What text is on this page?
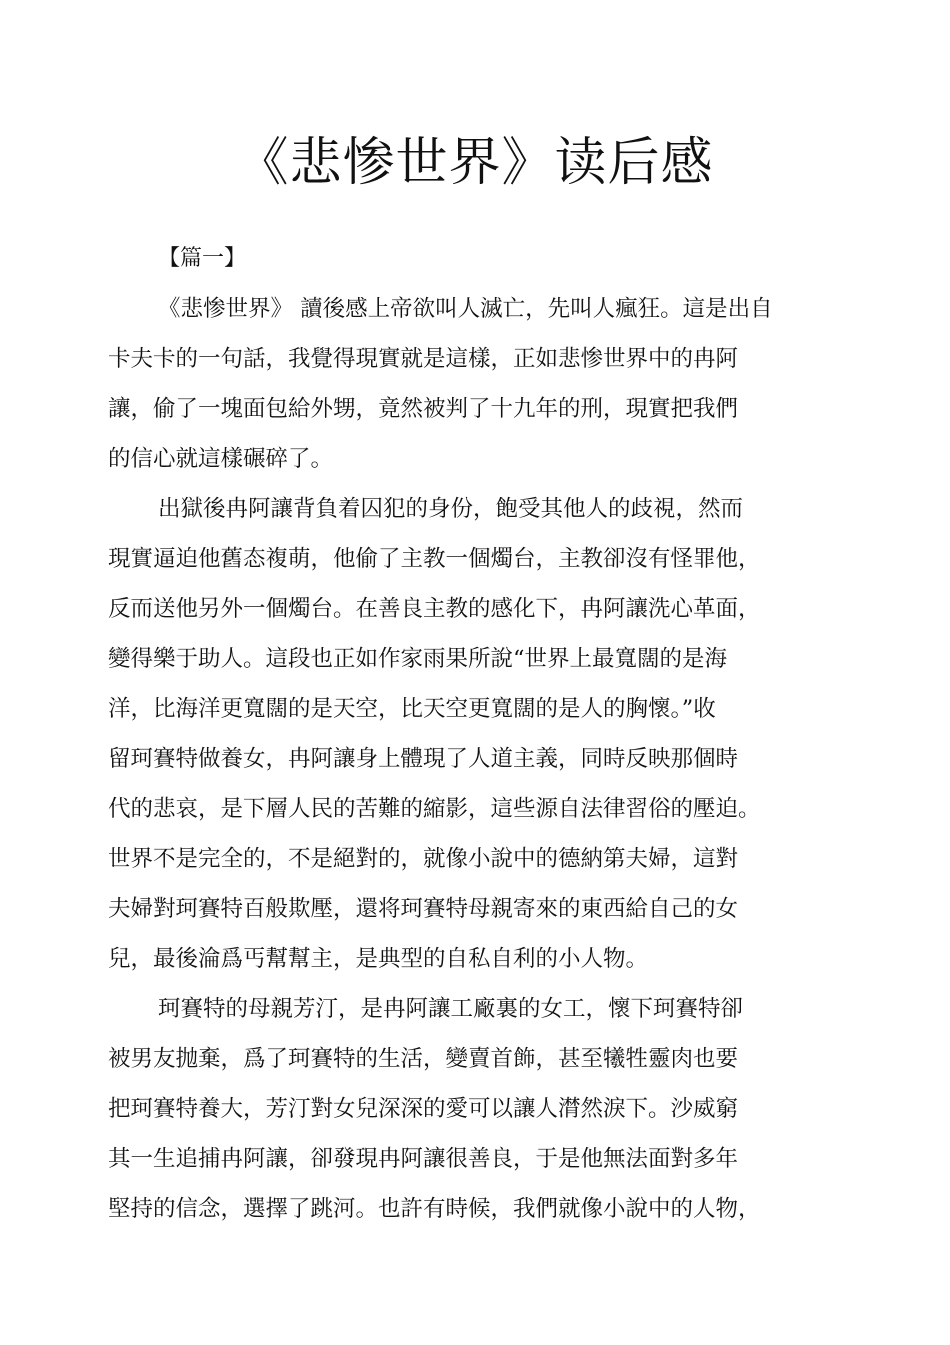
《悲惨世界》读后感

【篇一】

《悲惨世界》 讀後感上帝欲叫人滅亡，先叫人瘋狂。這是出自

卡夫卡的一句話，我覺得現實就是這樣，正如悲惨世界中的冉阿

讓，偷了一塊面包給外甥，竟然被判了十九年的刑，現實把我們

的信心就這樣碾碎了。

出獄後冉阿讓背負着囚犯的身份，飽受其他人的歧視，然而

現實逼迫他舊态複萌，他偷了主教一個燭台，主教卻沒有怪罪他，

反而送他另外一個燭台。在善良主教的感化下，冉阿讓洗心革面，

變得樂于助人。這段也正如作家雨果所說“世界上最寬闊的是海

洋，比海洋更寬闊的是天空，比天空更寬闊的是人的胸懷。”收

留珂賽特做養女，冉阿讓身上體現了人道主義，同時反映那個時

代的悲哀，是下層人民的苦難的縮影，這些源自法律習俗的壓迫。

世界不是完全的，不是絕對的，就像小說中的德納第夫婦，這對

夫婦對珂賽特百般欺壓，還将珂賽特母親寄來的東西給自己的女

兒，最後淪爲丐幫幫主，是典型的自私自利的小人物。

珂賽特的母親芳汀，是冉阿讓工廠裏的女工，懷下珂賽特卻

被男友抛棄，爲了珂賽特的生活，變賣首飾，甚至犧牲靈肉也要

把珂賽特養大，芳汀對女兒深深的愛可以讓人潸然淚下。沙威窮

其一生追捕冉阿讓，卻發現冉阿讓很善良，于是他無法面對多年

堅持的信念，選擇了跳河。也許有時候，我們就像小說中的人物，
